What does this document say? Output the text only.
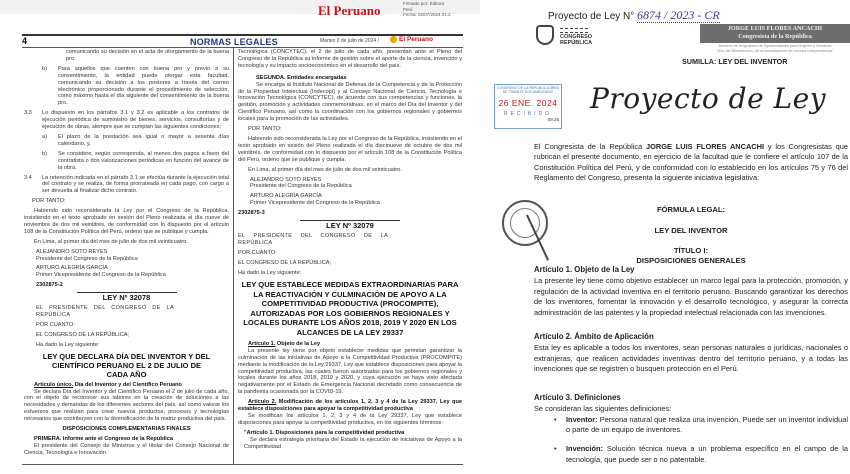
El Peruano	Firmado por: Editora
Perú
Fecha: 02/07/2024 01:2
4	NORMAS LEGALES	Martes 2 de julio de 2024 /	El Peruano
comunicando su decisión en el acta de otorgamiento de la buena pro.
b)	Para aquellos que cuenten con buena pro y previo a su consentimiento, la entidad puede otorgar esta facultad, comunicando su decisión a los postores a través del correo electrónico proporcionado durante el procedimiento de selección, como máximo hasta el día siguiente del consentimiento de la buena pro.
3.3	Lo dispuesto en los párrafos 3.1 y 3.2 es aplicable a los contratos de ejecución periódica de suministro de bienes, servicios, consultorías y de ejecución de obras, siempre que se cumplan las siguientes condiciones:
a)	El plazo de la prestación sea igual o mayor a sesenta días calendario, y,
b)	Se considere, según corresponda, al menos dos pagos a favor del contratista o dos valorizaciones periódicas en función del avance de la obra.
3.4	La retención indicada en el párrafo 3.1 se efectúa durante la ejecución total del contrato y se realiza, de forma prorrateada en cada pago, con cargo a ser devuelta al finalizar dicho contrato.
POR TANTO:
Habiendo sido reconsiderada la Ley por el Congreso de la República, insistiendo en el texto aprobado en sesión del Pleno realizada el día nueve de noviembre de dos mil veintitrés, de conformidad con lo dispuesto por el artículo 108 de la Constitución Política del Perú, ordeno que se publique y cumpla.
En Lima, al primer día del mes de julio de dos mil veinticuatro.
ALEJANDRO SOTO REYES
Presidente del Congreso de la República
ARTURO ALEGRÍA GARCÍA
Primer Vicepresidente del Congreso de la República
2302875-2
LEY Nº 32078
EL PRESIDENTE DEL CONGRESO DE LA REPÚBLICA
POR CUANTO:
EL CONGRESO DE LA REPÚBLICA;
Ha dado la Ley siguiente:
LEY QUE DECLARA DÍA DEL INVENTOR Y DEL CIENTÍFICO PERUANO EL 2 DE JULIO DE CADA AÑO
Artículo único. Día del Inventor y del Científico Peruano
Se declara Día del Inventor y del Científico Peruano el 2 de julio de cada año, con el objeto de reconocer sus labores en la creación de soluciones a las necesidades y demandas de los diferentes sectores del país, así como valorar los esfuerzos que realizan para crear nuevos productos, procesos y tecnologías necesarios que contribuyen con la diversificación de la matriz productiva del país.
DISPOSICIONES COMPLEMENTARIAS FINALES
PRIMERA. Informe ante el Congreso de la República
El presidente del Consejo de Ministros y el titular del Consejo Nacional de Ciencia, Tecnología e Innovación
Tecnológica (CONCYTEC), el 2 de julio de cada año, presentan ante el Pleno del Congreso de la República su informe de gestión sobre el aporte de la ciencia, invención y tecnología y su impacto socioeconómico en el desarrollo del país.
SEGUNDA. Entidades encargadas
Se encarga al Instituto Nacional de Defensa de la Competencia y de la Protección de la Propiedad Intelectual (Indecopi) y al Consejo Nacional de Ciencia, Tecnología e Innovación Tecnológica (CONCYTEC), de acuerdo con sus competencias y funciones, la gestión, promoción y actividades conmemorativas, en el marco del Día del Inventor y del Científico Peruano, así como la coordinación con los gobiernos regionales y gobiernos locales para la promoción de las actividades.
POR TANTO:
Habiendo sido reconsiderada la Ley por el Congreso de la República, insistiendo en el texto aprobado en sesión del Pleno realizada el día diecinueve de octubre de dos mil veintitrés, de conformidad con lo dispuesto por el artículo 108 de la Constitución Política del Perú, ordeno que se publique y cumpla.
En Lima, al primer día del mes de julio de dos mil veinticuatro.
ALEJANDRO SOTO REYES
Presidente del Congreso de la República
ARTURO ALEGRÍA GARCÍA
Primer Vicepresidente del Congreso de la República
2302875-3
LEY Nº 32079
EL PRESIDENTE DEL CONGRESO DE LA REPÚBLICA
POR CUANTO:
EL CONGRESO DE LA REPÚBLICA;
Ha dado la Ley siguiente:
LEY QUE ESTABLECE MEDIDAS EXTRAORDINARIAS PARA LA REACTIVACIÓN Y CULMINACIÓN DE APOYO A LA COMPETITIVIDAD PRODUCTIVA (PROCOMPITE), AUTORIZADAS POR LOS GOBIERNOS REGIONALES Y LOCALES DURANTE LOS AÑOS 2018, 2019 Y 2020 EN LOS ALCANCES DE LA LEY 29337
Artículo 1. Objeto de la Ley
La presente ley tiene por objeto establecer medidas que permitan garantizar la culminación de las iniciativas de Apoyo a la Competitividad Productiva (PROCOMPITE) mediante la modificación de la Ley 29337, Ley que establece disposiciones para apoyar la competitividad productiva, las cuales fueron autorizadas para los gobiernos regionales y locales durante los años 2018, 2019 y 2020, y cuya ejecución se haya visto afectada negativamente por el Estado de Emergencia Nacional decretado como consecuencia de la pandemia ocasionada por la COVID-19.
Artículo 2. Modificación de los artículos 1, 2, 3 y 4 de la Ley 29337, Ley que establece disposiciones para apoyar la competitividad productiva
Se modifican los artículos 1, 2, 3 y 4 de la Ley 29337, Ley que establece disposiciones para apoyar la competitividad productiva, en los siguientes términos:
"Artículo 1. Disposiciones para la competitividad productiva
Se declara estrategia prioritaria del Estado la ejecución de iniciativas de Apoyo a la Competitividad
Proyecto de Ley N° 6874 / 2023 - CR
CONGRESO
REPÚBLICA
JORGE LUIS FLORES ANCACHI
Congresista de la República
Decenio de la Igualdad de Oportunidades para Mujeres y Hombres
"Año del Bicentenario, de la consolidación de nuestra Independencia"
SUMILLA: LEY DEL INVENTOR
CONGRESO DE LA REPÚBLICA ÁREA DE TRÁMITE DOCUMENTARIO
26 ENE. 2024
RECIBIDO
09:25
Proyecto de Ley
El Congresista de la República JORGE LUIS FLORES ANCACHI y los Congresistas que rubrican el presente documento, en ejercicio de la facultad que le confiere el artículo 107 de la Constitución Política del Perú, y de conformidad con lo establecido en los artículos 75 y 76 del Reglamento del Congreso, presenta la siguiente iniciativa legislativa:
FÓRMULA LEGAL:
LEY DEL INVENTOR
TÍTULO I:
DISPOSICIONES GENERALES
Artículo 1. Objeto de la Ley
La presente ley tiene como objetivo establecer un marco legal para la protección, promoción, y regulación de la actividad inventiva en el territorio peruano. Buscando garantizar los derechos de los inventores, fomentar la innovación y el desarrollo tecnológico, y asegurar la correcta administración de las patentes y la propiedad intelectual relacionada con las invenciones.
Artículo 2. Ámbito de Aplicación
Esta ley es aplicable a todos los inventores, sean personas naturales o jurídicas, nacionales o extranjeras, que realicen actividades inventivas dentro del territorio peruano, y a todas las invenciones que se registren o busquen protección en el Perú.
Artículo 3. Definiciones
Se consideran las siguientes definiciones:
• Inventor: Persona natural que realiza una invención. Puede ser un inventor individual o parte de un equipo de inventores.
• Invención: Solución técnica nueva a un problema específico en el campo de la tecnología, que puede ser o no patentable.
